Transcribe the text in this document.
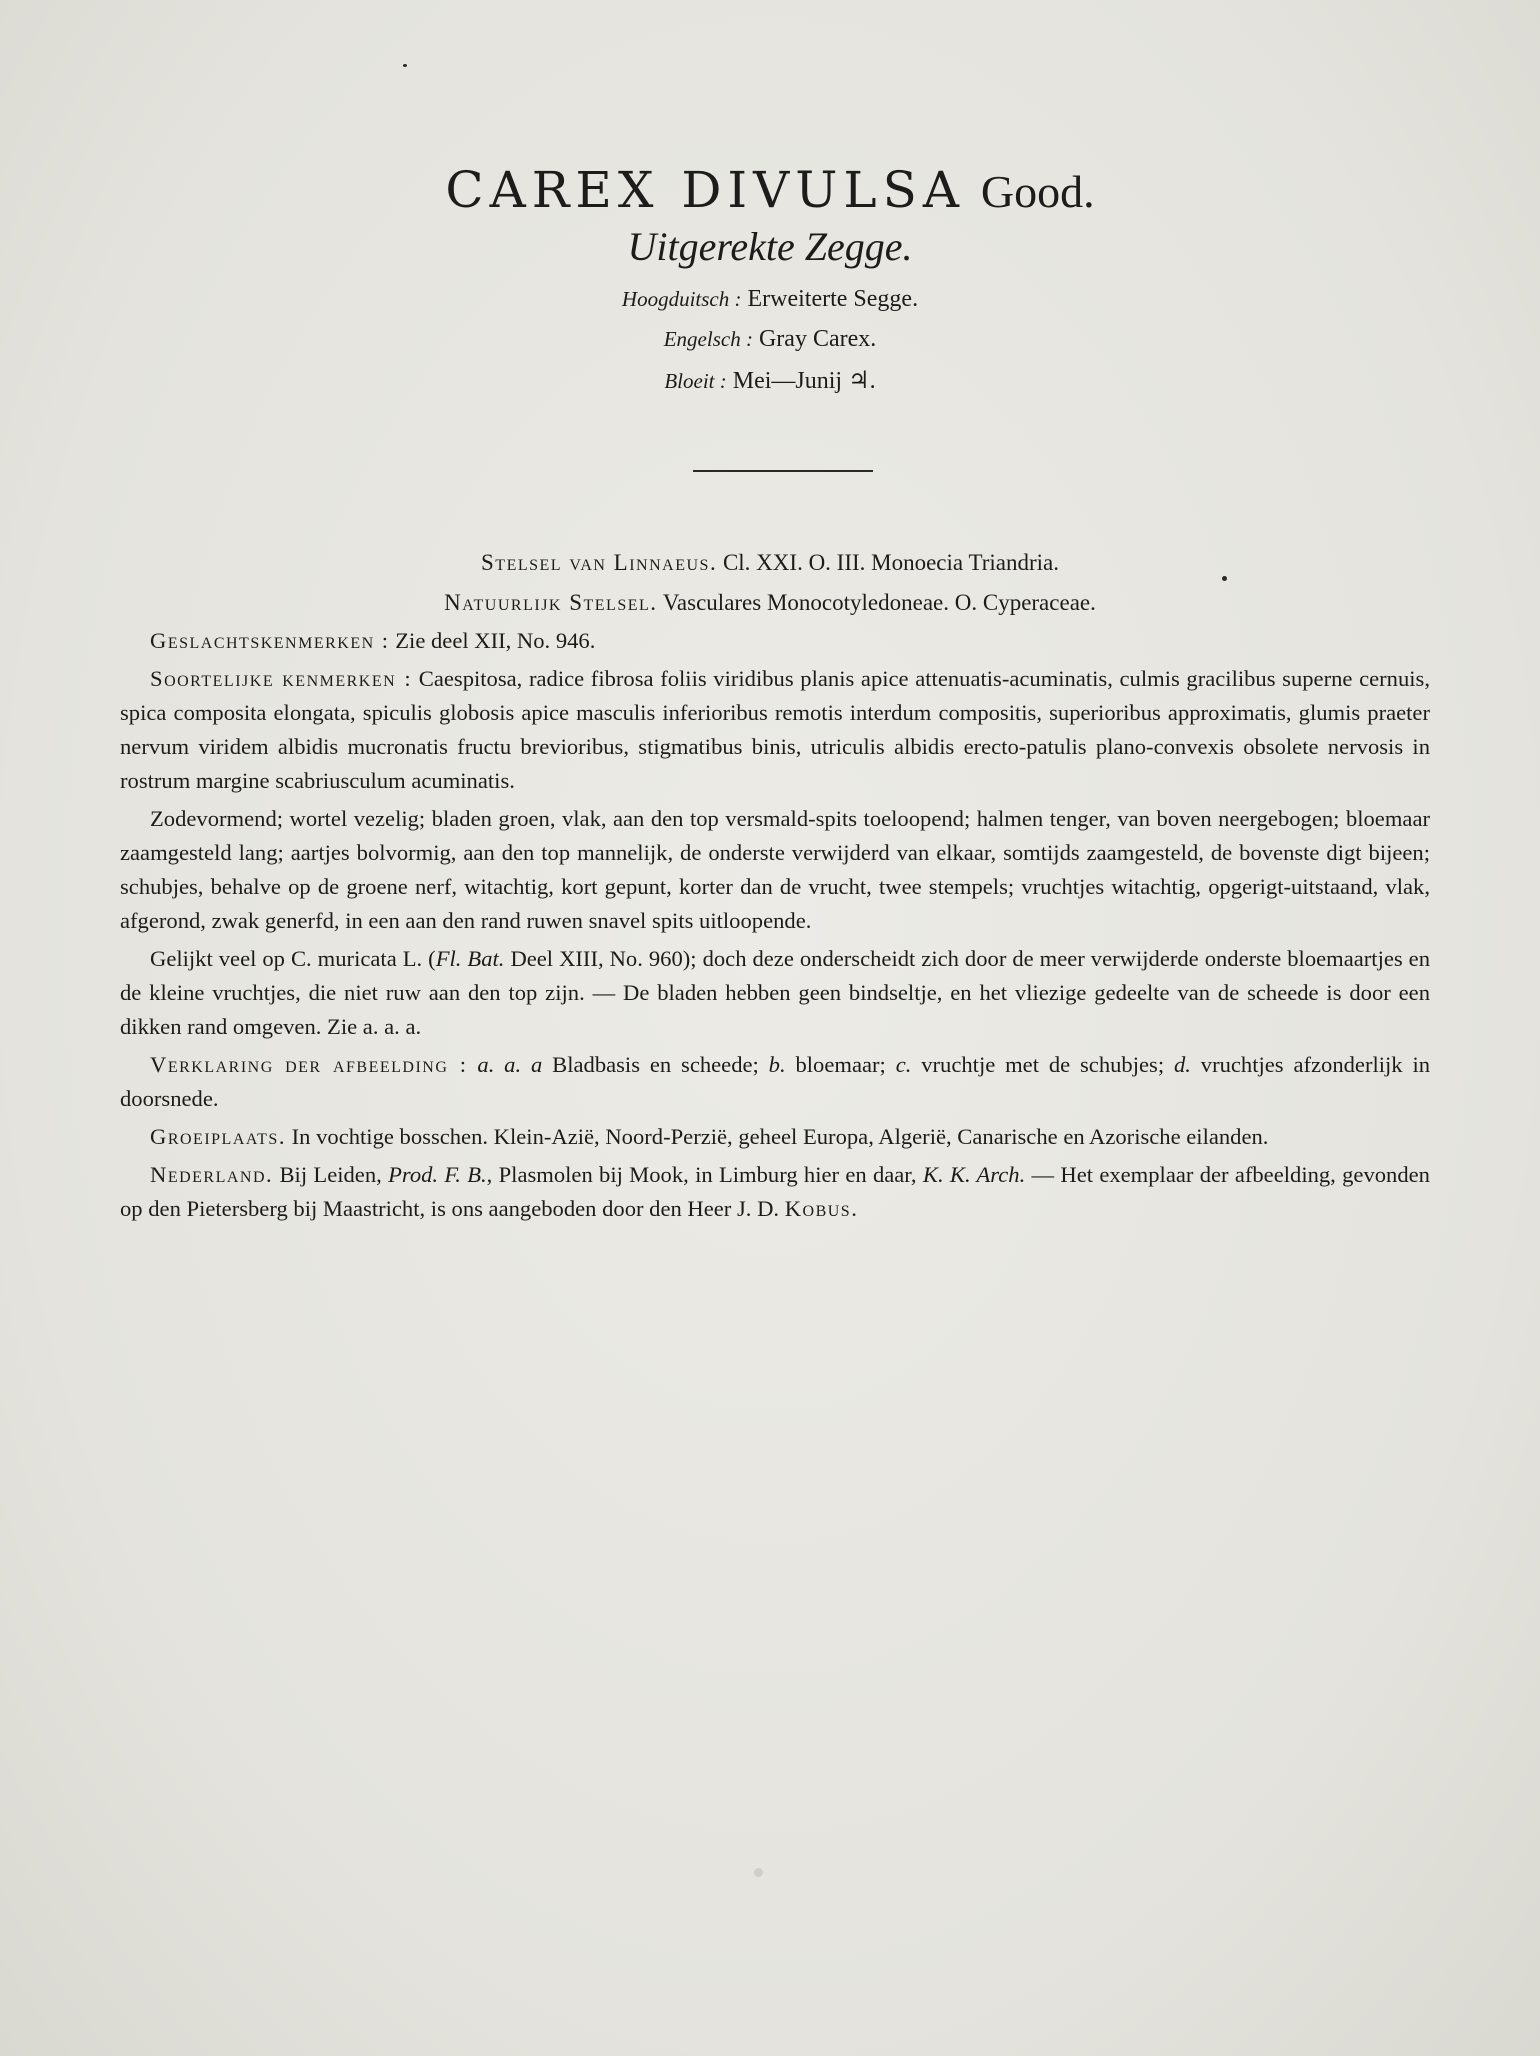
CAREX DIVULSA Good.
Uitgerekte Zegge.
Hoogduitsch : Erweiterte Segge.
Engelsch : Gray Carex.
Bloeit : Mei—Junij ♃.
Stelsel van Linnaeus. Cl. XXI. O. III. Monoecia Triandria.
Natuurlijk Stelsel. Vasculares Monocotyledoneae. O. Cyperaceae.

Geslachtskenmerken : Zie deel XII, No. 946.

Soortelijke kenmerken : Caespitosa, radice fibrosa foliis viridibus planis apice attenuatis-acuminatis, culmis gracilibus superne cernuis, spica composita elongata, spiculis globosis apice masculis inferioribus remotis interdum compositis, superioribus approximatis, glumis praeter nervum viridem albidis mucronatis fructu brevioribus, stigmatibus binis, utriculis albidis erecto-patulis plano-convexis obsolete nervosis in rostrum margine scabriusculum acuminatis.

Zodevormend; wortel vezelig; bladen groen, vlak, aan den top versmald-spits toeloopend; halmen tenger, van boven neergebogen; bloemaar zaamgesteld lang; aartjes bolvormig, aan den top mannelijk, de onderste verwijderd van elkaar, somtijds zaamgesteld, de bovenste digt bijeen; schubjes, behalve op de groene nerf, witachtig, kort gepunt, korter dan de vrucht, twee stempels; vruchtjes witachtig, opgerigt-uitstaand, vlak, afgerond, zwak generfd, in een aan den rand ruwen snavel spits uitloopende.

Gelijkt veel op C. muricata L. (Fl. Bat. Deel XIII, No. 960); doch deze onderscheidt zich door de meer verwijderde onderste bloemaartjes en de kleine vruchtjes, die niet ruw aan den top zijn. — De bladen hebben geen bindseltje, en het vliezige gedeelte van de scheede is door een dikken rand omgeven. Zie a. a. a.

Verklaring der afbeelding : a. a. a Bladbasis en scheede; b. bloemaar; c. vruchtje met de schubjes; d. vruchtjes afzonderlijk in doorsnede.

Groeiplaats. In vochtige bosschen. Klein-Azië, Noord-Perzië, geheel Europa, Algerië, Canarische en Azorische eilanden.

Nederland. Bij Leiden, Prod. F. B., Plasmolen bij Mook, in Limburg hier en daar, K. K. Arch. — Het exemplaar der afbeelding, gevonden op den Pietersberg bij Maastricht, is ons aangeboden door den Heer J. D. Kobus.
